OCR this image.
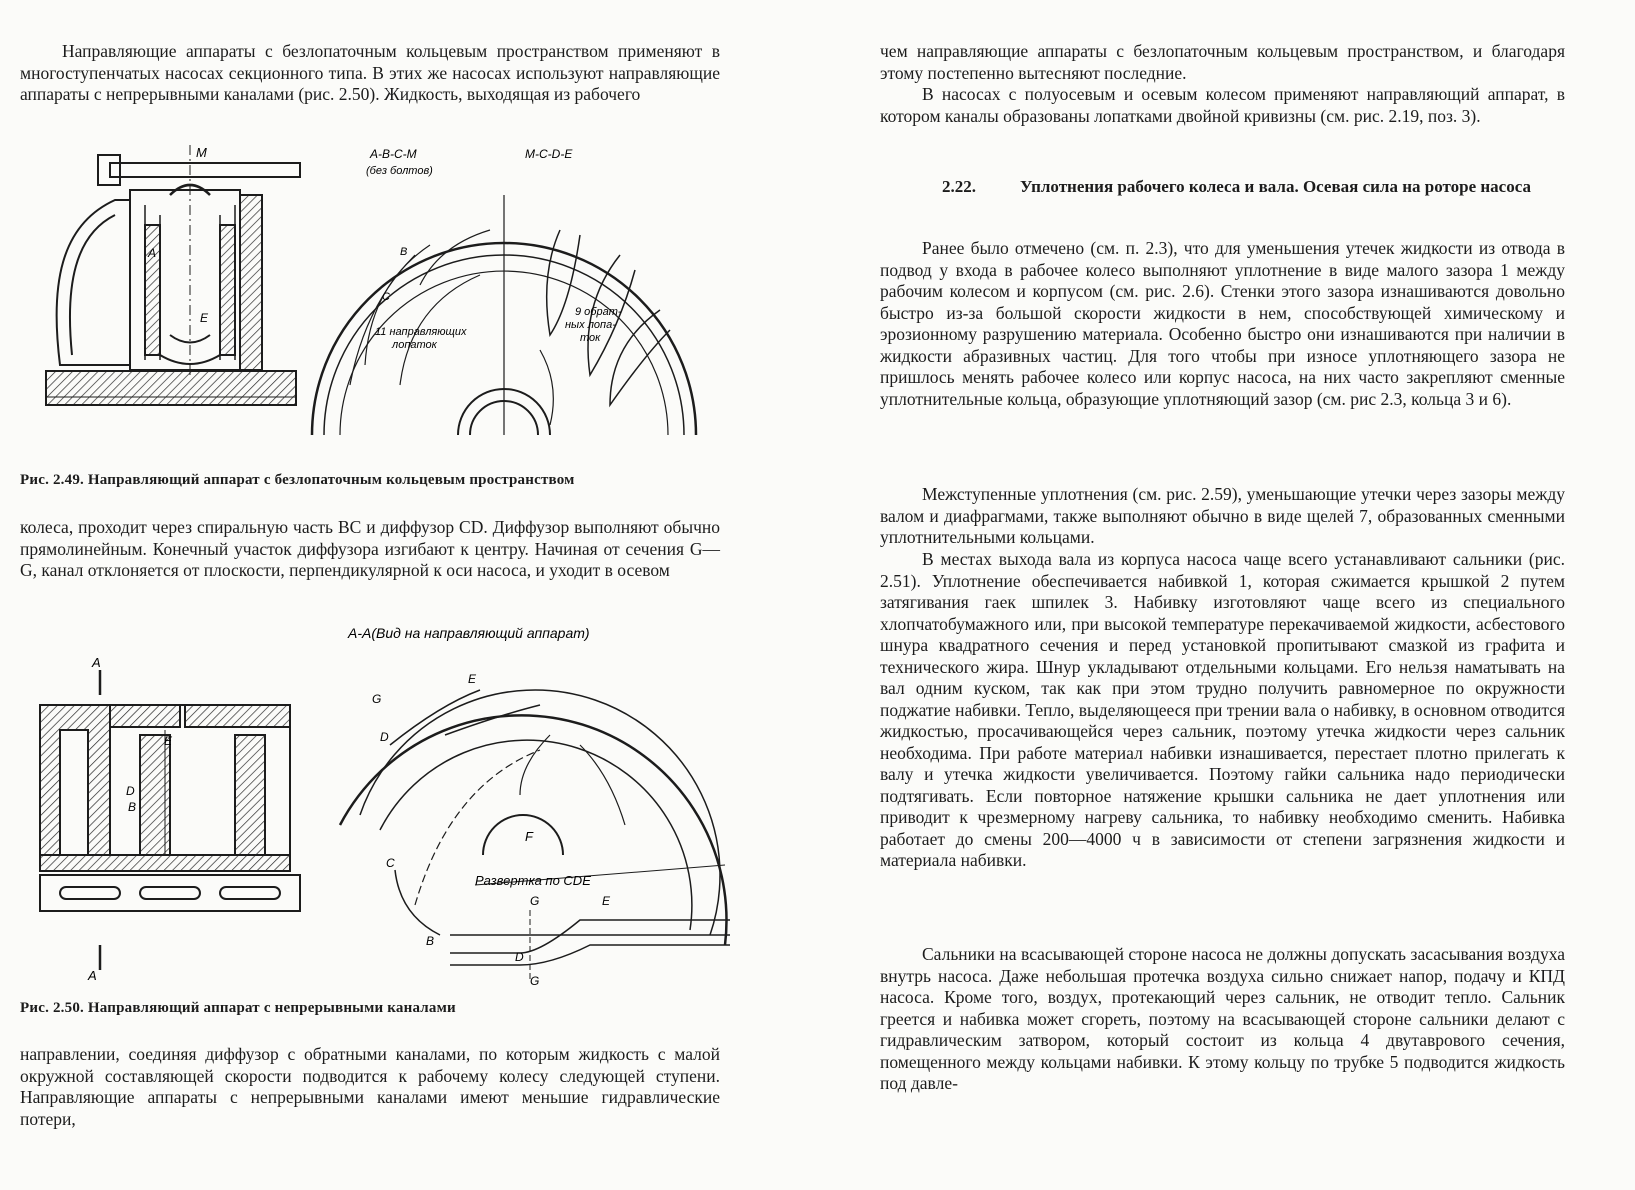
Направляющие аппараты с безлопаточным кольцевым пространством применяют в многоступенчатых насосах секционного типа. В этих же насосах используют направляющие аппараты с непрерывными каналами (рис. 2.50). Жидкость, выходящая из рабочего

М
А
Е
А-В-С-М
(без болтов)
М-С-D-Е
В
С
11 направляющих
лопаток
9 обрат-
ных лопа-
ток

Рис. 2.49. Направляющий аппарат с безлопаточным кольцевым пространством

колеса, проходит через спиральную часть ВС и диффузор CD. Диффузор выполняют обычно прямолинейным. Конечный участок диффузора изгибают к центру. Начиная от сечения G—G, канал отклоняется от плоскости, перпендикулярной к оси насоса, и уходит в осевом

А
А
Е
D
В
А-А(Вид на направляющий аппарат)
G
D
Е
F
С
В
Развертка по СDЕ
G	Е
D
G

Рис. 2.50. Направляющий аппарат с непрерывными каналами

направлении, соединяя диффузор с обратными каналами, по которым жидкость с малой окружной составляющей скорости подводится к рабочему колесу следующей ступени. Направляющие аппараты с непрерывными каналами имеют меньшие гидравлические потери,

чем направляющие аппараты с безлопаточным кольцевым пространством, и благодаря этому постепенно вытесняют последние.

В насосах с полуосевым и осевым колесом применяют направляющий аппарат, в котором каналы образованы лопатками двойной кривизны (см. рис. 2.19, поз. 3).

2.22.	Уплотнения рабочего колеса и вала. Осевая сила на роторе насоса

Ранее было отмечено (см. п. 2.3), что для уменьшения утечек жидкости из отвода в подвод у входа в рабочее колесо выполняют уплотнение в виде малого зазора 1 между рабочим колесом и корпусом (см. рис. 2.6). Стенки этого зазора изнашиваются довольно быстро из-за большой скорости жидкости в нем, способствующей химическому и эрозионному разрушению материала. Особенно быстро они изнашиваются при наличии в жидкости абразивных частиц. Для того чтобы при износе уплотняющего зазора не пришлось менять рабочее колесо или корпус насоса, на них часто закрепляют сменные уплотнительные кольца, образующие уплотняющий зазор (см. рис 2.3, кольца 3 и 6).

Межступенные уплотнения (см. рис. 2.59), уменьшающие утечки через зазоры между валом и диафрагмами, также выполняют обычно в виде щелей 7, образованных сменными уплотнительными кольцами.

В местах выхода вала из корпуса насоса чаще всего устанавливают сальники (рис. 2.51). Уплотнение обеспечивается набивкой 1, которая сжимается крышкой 2 путем затягивания гаек шпилек 3. Набивку изготовляют чаще всего из специального хлопчатобумажного или, при высокой температуре перекачиваемой жидкости, асбестового шнура квадратного сечения и перед установкой пропитывают смазкой из графита и технического жира. Шнур укладывают отдельными кольцами. Его нельзя наматывать на вал одним куском, так как при этом трудно получить равномерное по окружности поджатие набивки. Тепло, выделяющееся при трении вала о набивку, в основном отводится жидкостью, просачивающейся через сальник, поэтому утечка жидкости через сальник необходима. При работе материал набивки изнашивается, перестает плотно прилегать к валу и утечка жидкости увеличивается. Поэтому гайки сальника надо периодически подтягивать. Если повторное натяжение крышки сальника не дает уплотнения или приводит к чрезмерному нагреву сальника, то набивку необходимо сменить. Набивка работает до смены 200—4000 ч в зависимости от степени загрязнения жидкости и материала набивки.

Сальники на всасывающей стороне насоса не должны допускать засасывания воздуха внутрь насоса. Даже небольшая протечка воздуха сильно снижает напор, подачу и КПД насоса. Кроме того, воздух, протекающий через сальник, не отводит тепло. Сальник греется и набивка может сгореть, поэтому на всасывающей стороне сальники делают с гидравлическим затвором, который состоит из кольца 4 двутаврового сечения, помещенного между кольцами набивки. К этому кольцу по трубке 5 подводится жидкость под давле-
